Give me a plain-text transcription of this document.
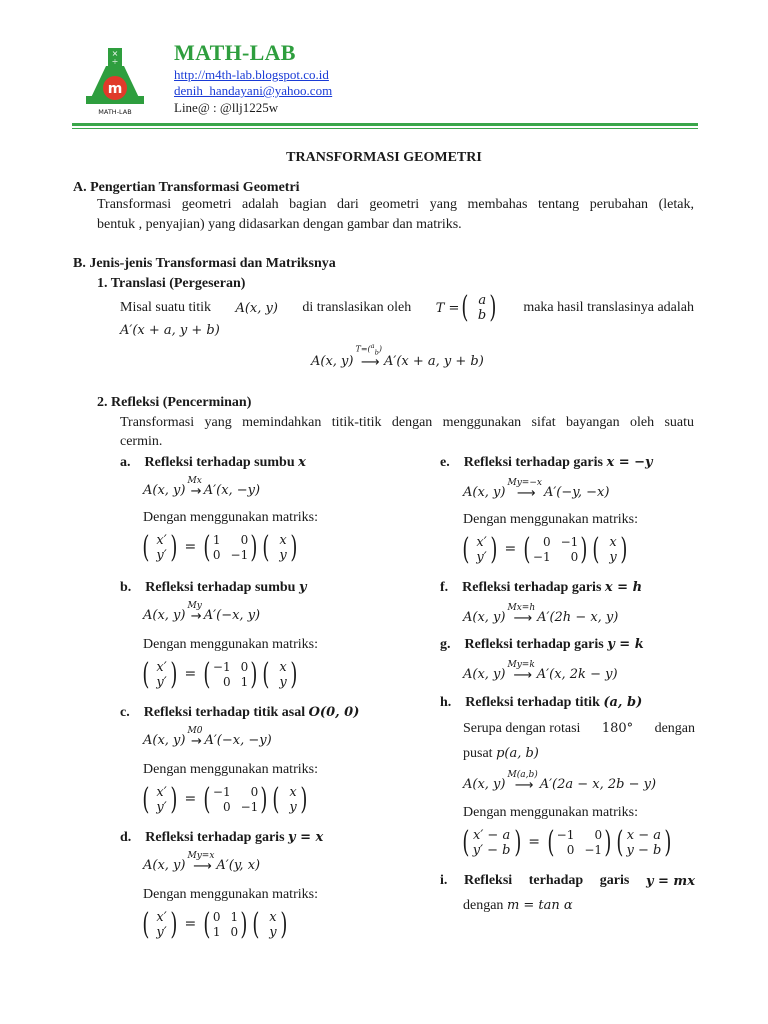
×
÷
m
MATH-LAB
MATH-LAB
http://m4th-lab.blogspot.co.id
denih_handayani@yahoo.com
Line@ : @llj1225w
TRANSFORMASI GEOMETRI
A. Pengertian Transformasi Geometri
Transformasi geometri adalah bagian dari geometri yang membahas tentang perubahan (letak,
bentuk , penyajian) yang didasarkan dengan gambar dan matriks.
B. Jenis-jenis Transformasi dan Matriksnya
1. Translasi (Pergeseran)
Misal suatu titik A(x, y) di translasikan oleh T = ( a
b ) maka hasil translasinya adalah
A′(x + a, y + b)
A(x, y)
T=($^a_b$)
⟶ A′(x + a, y + b)
2. Refleksi (Pencerminan)
Transformasi yang memindahkan titik-titik dengan menggunakan sifat bayangan oleh suatu
cermin.
a. Refleksi terhadap sumbu x
A(x, y)
Mx
→ A′(x, −y)
Dengan menggunakan matriks:
( x′
y′ ) = ( 1	0
0 −1 ) ( x
y )
b. Refleksi terhadap sumbu y
A(x, y)
My
→ A′(−x, y)
Dengan menggunakan matriks:
( x′
y′ ) = ( −1 0
0 1 ) ( x
y )
c. Refleksi terhadap titik asal O(0, 0)
A(x, y)
M0
→ A′(−x, −y)
Dengan menggunakan matriks:
( x′
y′ ) = ( −1	0
0 −1 ) ( x
y )
d. Refleksi terhadap garis y = x
A(x, y)
My=x
⟶ A′(y, x)
Dengan menggunakan matriks:
( x′
y′ ) = ( 0 1
1 0 ) ( x
y )
e. Refleksi terhadap garis x = −y
A(x, y)
My=−x
⟶ A′(−y, −x)
Dengan menggunakan matriks:
( x′
y′ ) = (	0 −1
−1	0 ) ( x
y )
f. Refleksi terhadap garis x = h
A(x, y)
Mx=h
⟶ A′(2h − x, y)
g. Refleksi terhadap garis y = k
A(x, y)
My=k
⟶ A′(x, 2k − y)
h. Refleksi terhadap titik (a, b)
Serupa dengan rotasi 180° dengan
pusat p(a, b)
A(x, y)
M(a,b)
⟶ A′(2a − x, 2b − y)
Dengan menggunakan matriks:
( x′ − a
y′ − b ) = ( −1	0
0 −1 ) ( x − a
y − b )
i. Refleksi terhadap garis y = mx
dengan m = tan α
